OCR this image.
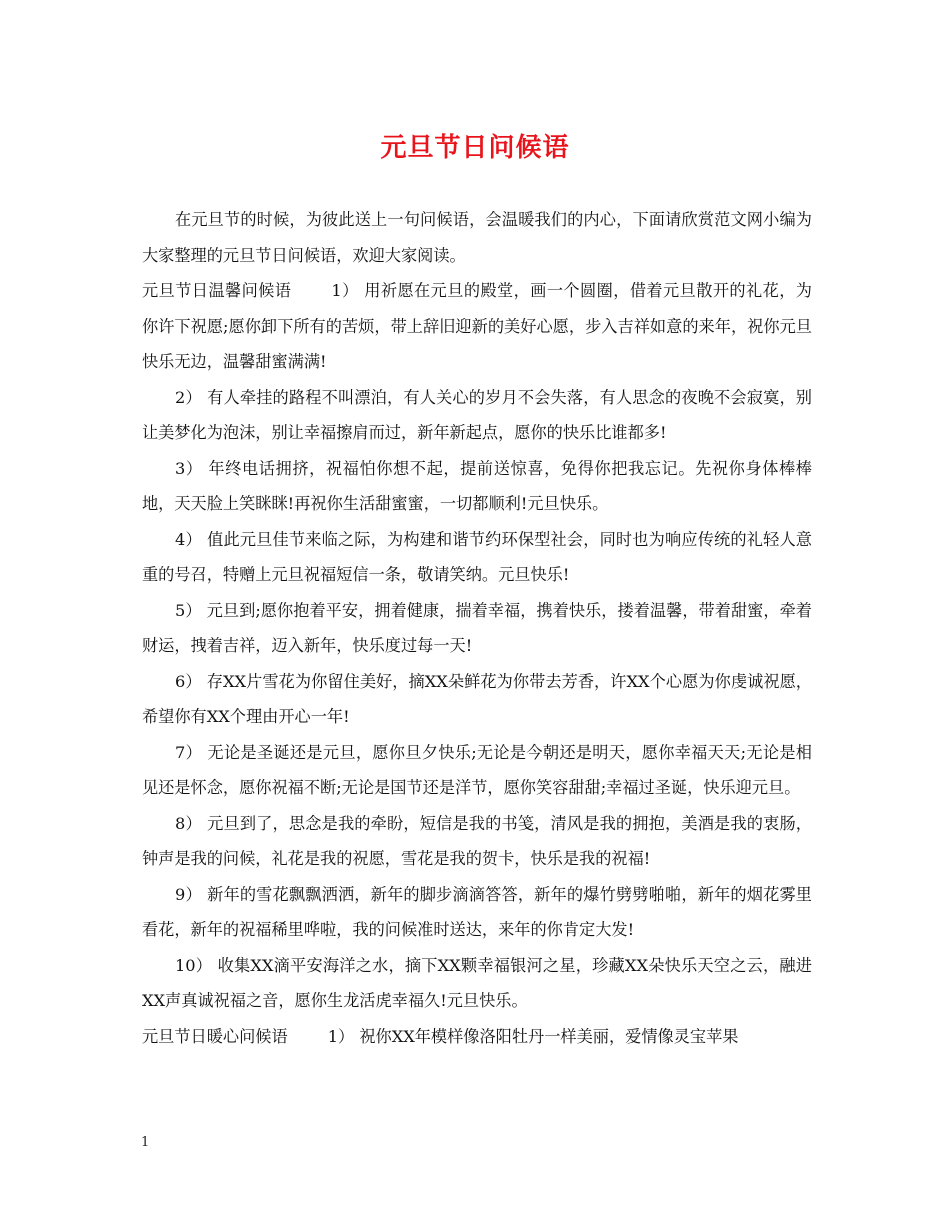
元旦节日问候语

在元旦节的时候，为彼此送上一句问候语，会温暖我们的内心，下面请欣赏范文网小编为大家整理的元旦节日问候语，欢迎大家阅读。

元旦节日温馨问候语 1） 用祈愿在元旦的殿堂，画一个圆圈，借着元旦散开的礼花，为你许下祝愿;愿你卸下所有的苦烦，带上辞旧迎新的美好心愿，步入吉祥如意的来年，祝你元旦快乐无边，温馨甜蜜满满!

2） 有人牵挂的路程不叫漂泊，有人关心的岁月不会失落，有人思念的夜晚不会寂寞，别让美梦化为泡沫，别让幸福擦肩而过，新年新起点，愿你的快乐比谁都多!

3） 年终电话拥挤，祝福怕你想不起，提前送惊喜，免得你把我忘记。先祝你身体棒棒地，天天脸上笑眯眯!再祝你生活甜蜜蜜，一切都顺利!元旦快乐。

4） 值此元旦佳节来临之际，为构建和谐节约环保型社会，同时也为响应传统的礼轻人意重的号召，特赠上元旦祝福短信一条，敬请笑纳。元旦快乐!

5） 元旦到;愿你抱着平安，拥着健康，揣着幸福，携着快乐，搂着温馨，带着甜蜜，牵着财运，拽着吉祥，迈入新年，快乐度过每一天!

6） 存XX片雪花为你留住美好，摘XX朵鲜花为你带去芳香，许XX个心愿为你虔诚祝愿，希望你有XX个理由开心一年!

7） 无论是圣诞还是元旦，愿你旦夕快乐;无论是今朝还是明天，愿你幸福天天;无论是相见还是怀念，愿你祝福不断;无论是国节还是洋节，愿你笑容甜甜;幸福过圣诞，快乐迎元旦。

8） 元旦到了，思念是我的牵盼，短信是我的书笺，清风是我的拥抱，美酒是我的衷肠，钟声是我的问候，礼花是我的祝愿，雪花是我的贺卡，快乐是我的祝福!

9） 新年的雪花飘飘洒洒，新年的脚步滴滴答答，新年的爆竹劈劈啪啪，新年的烟花雾里看花，新年的祝福稀里哗啦，我的问候准时送达，来年的你肯定大发!

10） 收集XX滴平安海洋之水，摘下XX颗幸福银河之星，珍藏XX朵快乐天空之云，融进XX声真诚祝福之音，愿你生龙活虎幸福久!元旦快乐。

元旦节日暖心问候语 1） 祝你XX年模样像洛阳牡丹一样美丽，爱情像灵宝苹果

1
